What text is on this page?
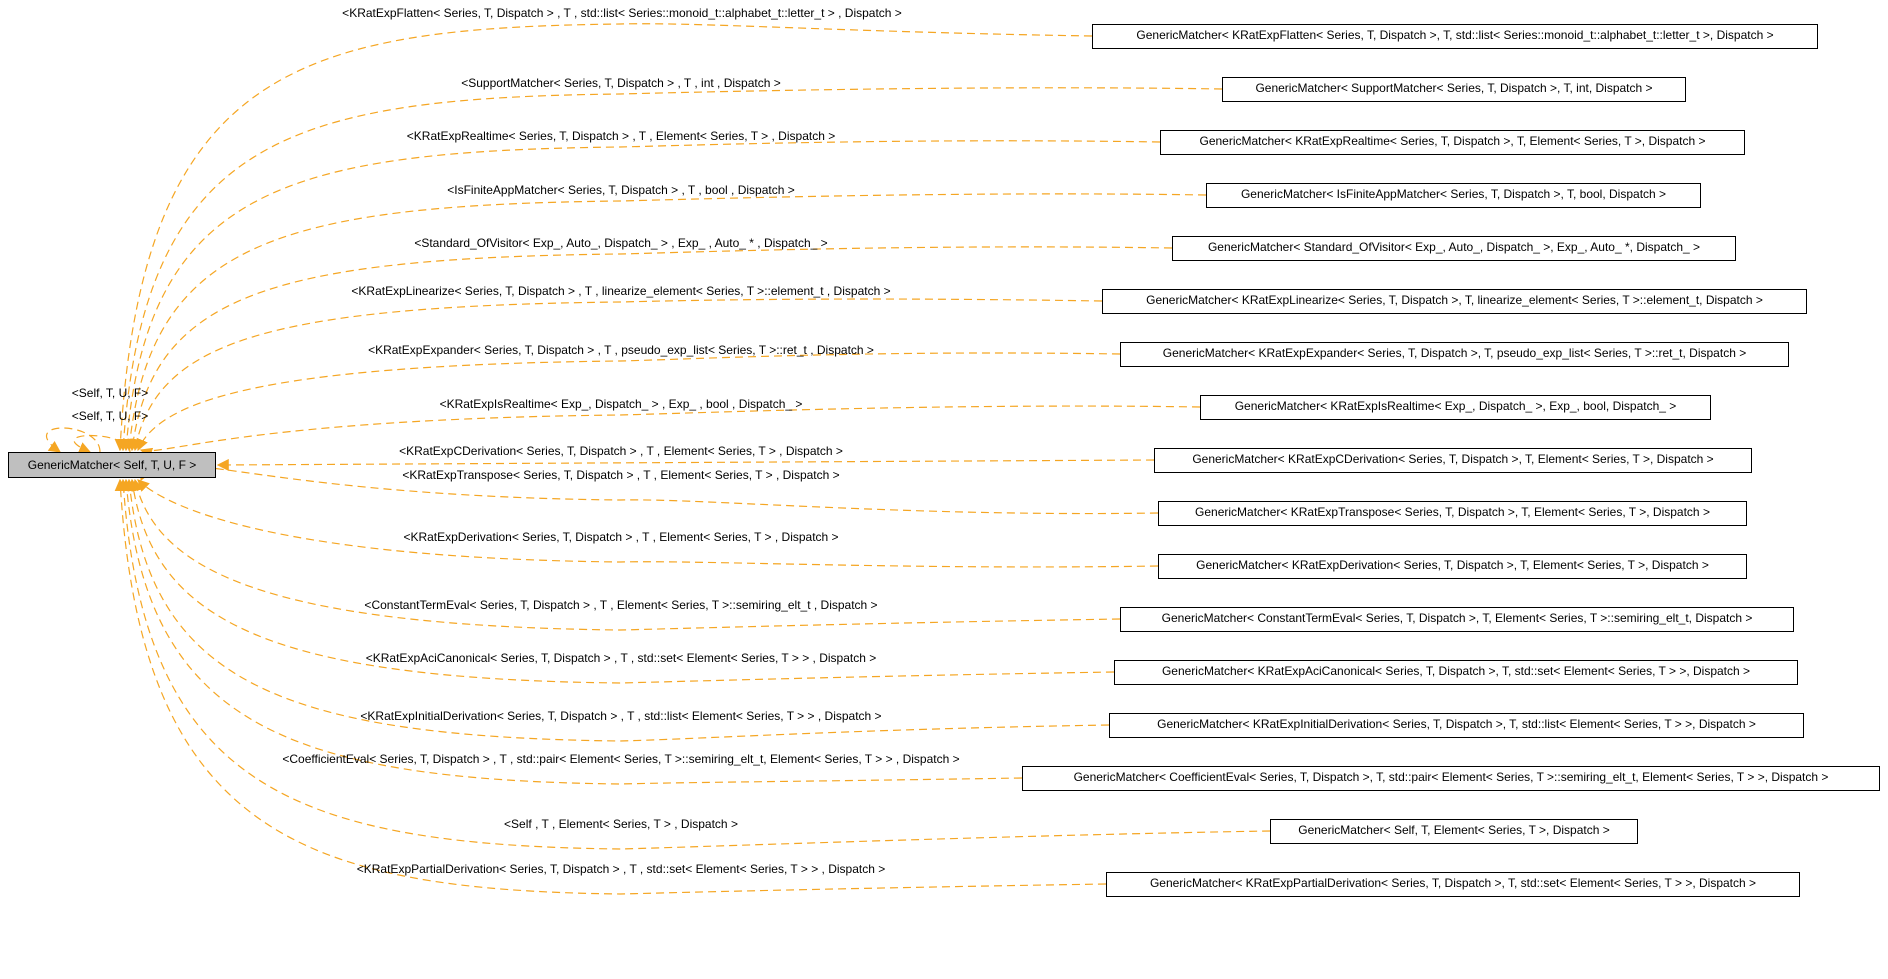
GenericMatcher< Self, T, U, F >
<Self, T, U, F>
<Self, T, U, F>
GenericMatcher< KRatExpFlatten< Series, T, Dispatch >, T, std::list< Series::monoid_t::alphabet_t::letter_t >, Dispatch >
<KRatExpFlatten< Series, T, Dispatch > , T , std::list< Series::monoid_t::alphabet_t::letter_t > , Dispatch >
GenericMatcher< SupportMatcher< Series, T, Dispatch >, T, int, Dispatch >
<SupportMatcher< Series, T, Dispatch > , T , int , Dispatch >
GenericMatcher< KRatExpRealtime< Series, T, Dispatch >, T, Element< Series, T >, Dispatch >
<KRatExpRealtime< Series, T, Dispatch > , T , Element< Series, T > , Dispatch >
GenericMatcher< IsFiniteAppMatcher< Series, T, Dispatch >, T, bool, Dispatch >
<IsFiniteAppMatcher< Series, T, Dispatch > , T , bool , Dispatch >
GenericMatcher< Standard_OfVisitor< Exp_, Auto_, Dispatch_ >, Exp_, Auto_ *, Dispatch_ >
<Standard_OfVisitor< Exp_, Auto_, Dispatch_ > , Exp_ , Auto_ * , Dispatch_ >
GenericMatcher< KRatExpLinearize< Series, T, Dispatch >, T, linearize_element< Series, T >::element_t, Dispatch >
<KRatExpLinearize< Series, T, Dispatch > , T , linearize_element< Series, T >::element_t , Dispatch >
GenericMatcher< KRatExpExpander< Series, T, Dispatch >, T, pseudo_exp_list< Series, T >::ret_t, Dispatch >
<KRatExpExpander< Series, T, Dispatch > , T , pseudo_exp_list< Series, T >::ret_t , Dispatch >
GenericMatcher< KRatExpIsRealtime< Exp_, Dispatch_ >, Exp_, bool, Dispatch_ >
<KRatExpIsRealtime< Exp_, Dispatch_ > , Exp_ , bool , Dispatch_ >
GenericMatcher< KRatExpCDerivation< Series, T, Dispatch >, T, Element< Series, T >, Dispatch >
<KRatExpCDerivation< Series, T, Dispatch > , T , Element< Series, T > , Dispatch >
GenericMatcher< KRatExpTranspose< Series, T, Dispatch >, T, Element< Series, T >, Dispatch >
<KRatExpTranspose< Series, T, Dispatch > , T , Element< Series, T > , Dispatch >
GenericMatcher< KRatExpDerivation< Series, T, Dispatch >, T, Element< Series, T >, Dispatch >
<KRatExpDerivation< Series, T, Dispatch > , T , Element< Series, T > , Dispatch >
GenericMatcher< ConstantTermEval< Series, T, Dispatch >, T, Element< Series, T >::semiring_elt_t, Dispatch >
<ConstantTermEval< Series, T, Dispatch > , T , Element< Series, T >::semiring_elt_t , Dispatch >
GenericMatcher< KRatExpAciCanonical< Series, T, Dispatch >, T, std::set< Element< Series, T > >, Dispatch >
<KRatExpAciCanonical< Series, T, Dispatch > , T , std::set< Element< Series, T > > , Dispatch >
GenericMatcher< KRatExpInitialDerivation< Series, T, Dispatch >, T, std::list< Element< Series, T > >, Dispatch >
<KRatExpInitialDerivation< Series, T, Dispatch > , T , std::list< Element< Series, T > > , Dispatch >
GenericMatcher< CoefficientEval< Series, T, Dispatch >, T, std::pair< Element< Series, T >::semiring_elt_t, Element< Series, T > >, Dispatch >
<CoefficientEval< Series, T, Dispatch > , T , std::pair< Element< Series, T >::semiring_elt_t, Element< Series, T > > , Dispatch >
GenericMatcher< Self, T, Element< Series, T >, Dispatch >
<Self , T , Element< Series, T > , Dispatch >
GenericMatcher< KRatExpPartialDerivation< Series, T, Dispatch >, T, std::set< Element< Series, T > >, Dispatch >
<KRatExpPartialDerivation< Series, T, Dispatch > , T , std::set< Element< Series, T > > , Dispatch >
